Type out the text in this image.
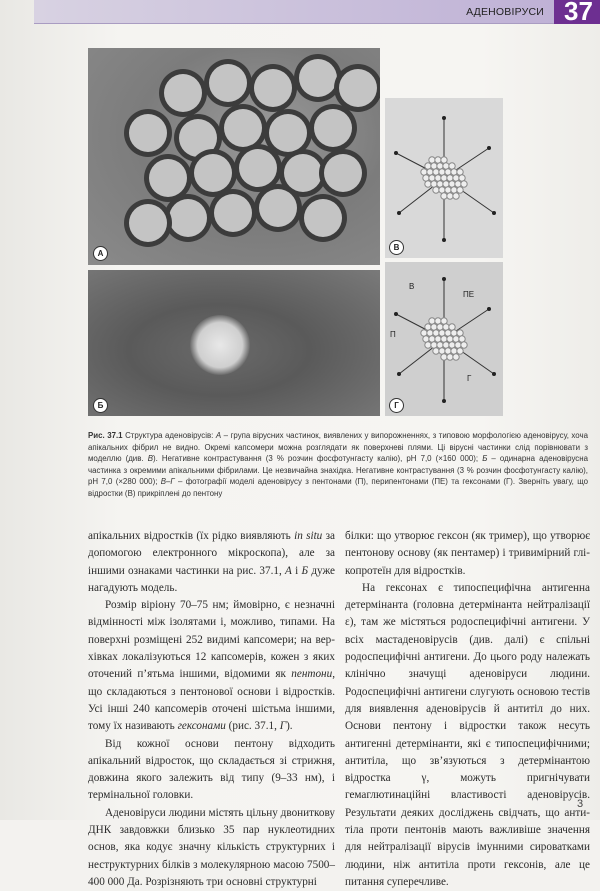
АДЕНОВІРУСИ 37
А
В
Б
В
ПЕ
П
Г
Г
Рис. 37.1 Структура аденовірусів: А – група вірусних частинок, виявлених у випорожненнях, з типовою морфологією аденовірусу, хоча апікальних фібрил не видно. Окремі капсомери можна розглядати як поверхневі плями. Ці вірусні частинки слід порівнювати з моделлю (див. В). Негативне контрастування (3 % розчин фосфотунгасту калію), pH 7,0 (×160 000); Б – одинарна аденовірусна частинка з окремими апікальними фібрилами. Це незвичайна знахідка. Негативне контрастування (3 % розчин фосфотунгасту калію), pH 7,0 (×280 000); В–Г – фотографії моделі аденовірусу з пентонами (П), перипентонами (ПЕ) та гексонами (Г). Зверніть увагу, що відростки (В) прикріплені до пентону

апікальних відростків (їх рідко виявляють in situ за допомогою електронного мікроскопа), але за іншими ознаками частинки на рис. 37.1, А і Б дуже нагадують модель.

Розмір віріону 70–75 нм; ймовірно, є незначні відмінності між ізолятами і, можливо, типами. На поверхні розміщені 252 видимі капсомери; на верхівках локалізуються 12 капсомерів, кожен з яких оточений п’ятьма іншими, відомими як пентони, що складаються з пентонової основи і відростків. Усі інші 240 капсомерів оточені шістьма іншими, тому їх називають гексонами (рис. 37.1, Г).

Від кожної основи пентону відходить апікальний відросток, що складається зі стрижня, довжина якого залежить від типу (9–33 нм), і термінальної головки.

Аденовіруси людини містять цільну двониткову ДНК завдовжки близько 35 пар нуклеотидних основ, яка кодує значну кількість структурних і неструктурних білків з молекулярною масою 7500–400 000 Да. Розрізняють три основні структурні

білки: що утворює гексон (як тример), що утворює пентонову основу (як пентамер) і тривимірний глікопротеїн для відростків.

На гексонах є типоспецифічна антигенна детермінанта (головна детермінанта нейтралізації ε), там же містяться родоспецифічні антигени. У всіх мастаденовірусів (див. далі) є спільні родоспецифічні антигени. До цього роду належать клінічно значущі аденовіруси людини. Родоспецифічні антигени слугують основою тестів для виявлення аденовірусів й антитіл до них. Основи пентону і відростки також несуть антигенні детермінанти, які є типоспецифічними; антитіла, що зв’язуються з детермінантою відростка γ, можуть пригнічувати гемаглютинаційні властивості аденовірусів. Результати деяких досліджень свідчать, що антитіла проти пентонів мають важливіше значення для нейтралізації вірусів імунними сироватками людини, ніж антитіла проти гексонів, але це питання суперечливе.

3
